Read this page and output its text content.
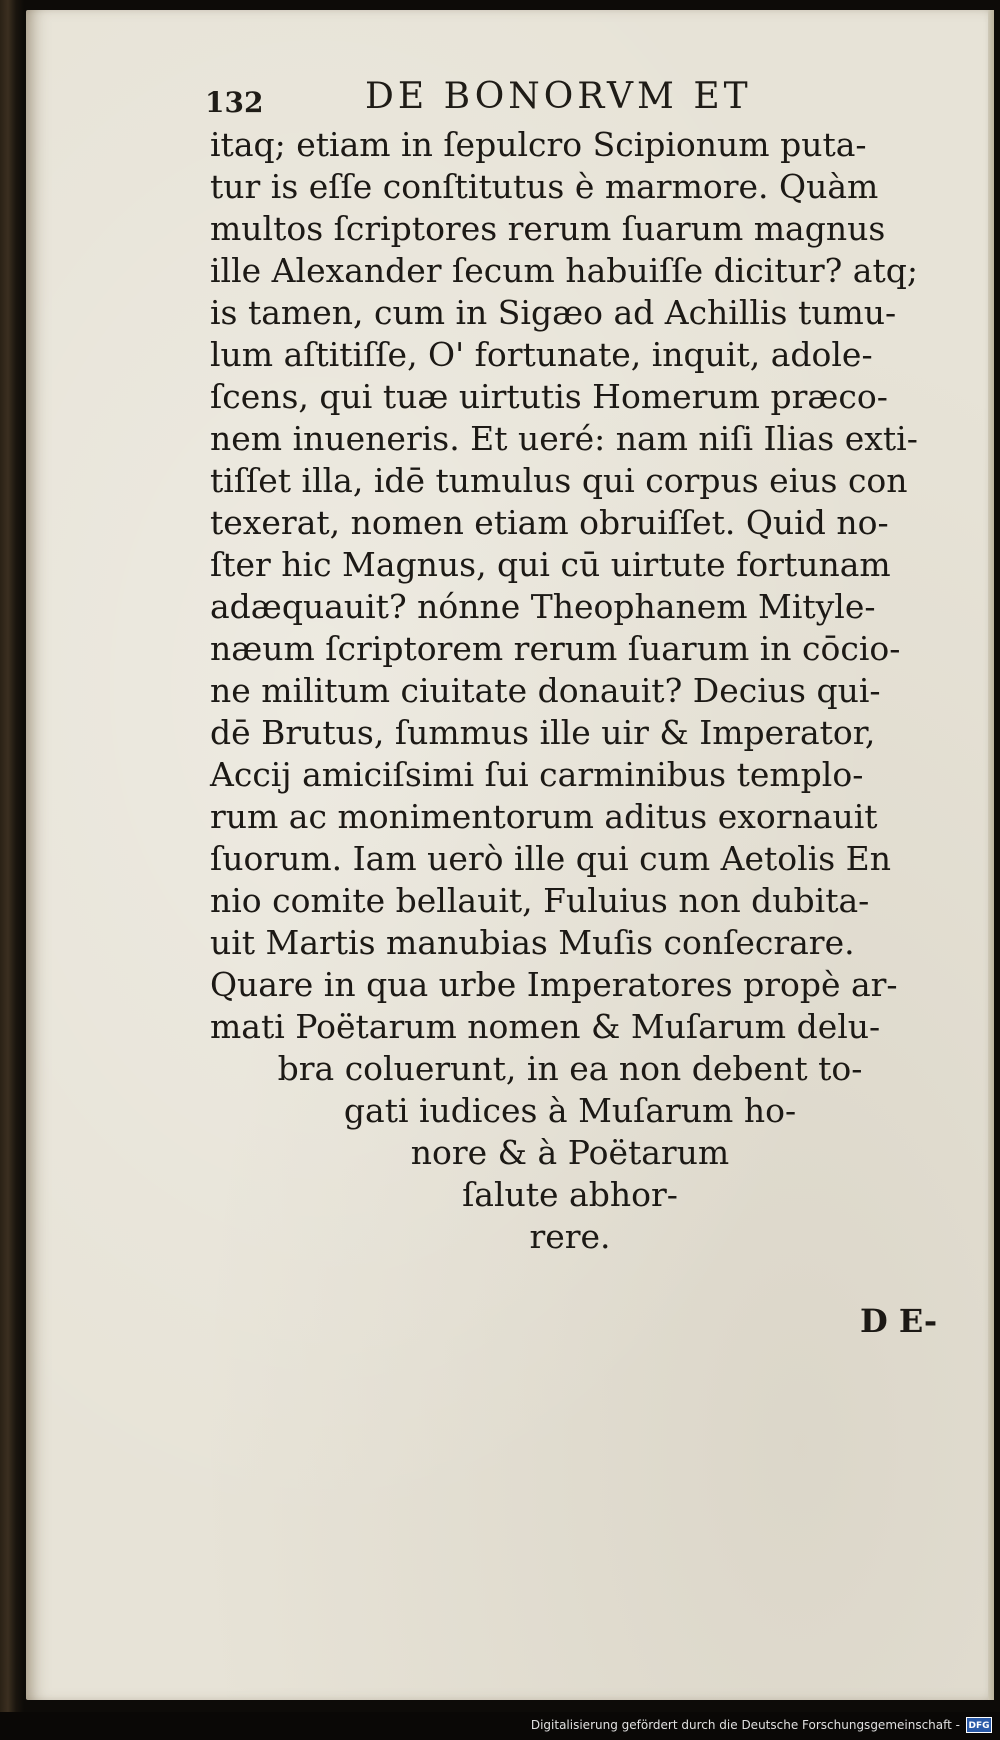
132	DE BONORVM ET
itaq; etiam in ſepulcro Scipionum puta-
tur is eſſe conſtitutus è marmore. Quàm
multos ſcriptores rerum ſuarum magnus
ille Alexander ſecum habuiſſe dicitur? atq;
is tamen, cum in Sigæo ad Achillis tumu-
lum aſtitiſſe, O' fortunate, inquit, adole-
ſcens, qui tuæ uirtutis Homerum præco-
nem inueneris. Et ueré: nam niſi Ilias exti-
tiſſet illa, idē tumulus qui corpus eius con
texerat, nomen etiam obruiſſet. Quid no-
ſter hic Magnus, qui cū uirtute fortunam
adæquauit? nónne Theophanem Mityle-
næum ſcriptorem rerum ſuarum in cōcio-
ne militum ciuitate donauit? Decius qui-
dē Brutus, ſummus ille uir & Imperator,
Accij amiciſsimi ſui carminibus templo-
rum ac monimentorum aditus exornauit
ſuorum. Iam uerò ille qui cum Aetolis En
nio comite bellauit, Fuluius non dubita-
uit Martis manubias Muſis conſecrare.
Quare in qua urbe Imperatores propè ar-
mati Poëtarum nomen & Muſarum delu-
bra coluerunt, in ea non debent to-
gati iudices à Muſarum ho-
nore & à Poëtarum
ſalute abhor-
rere.
D E-
Digitalisierung gefördert durch die Deutsche Forschungsgemeinschaft - DFG
